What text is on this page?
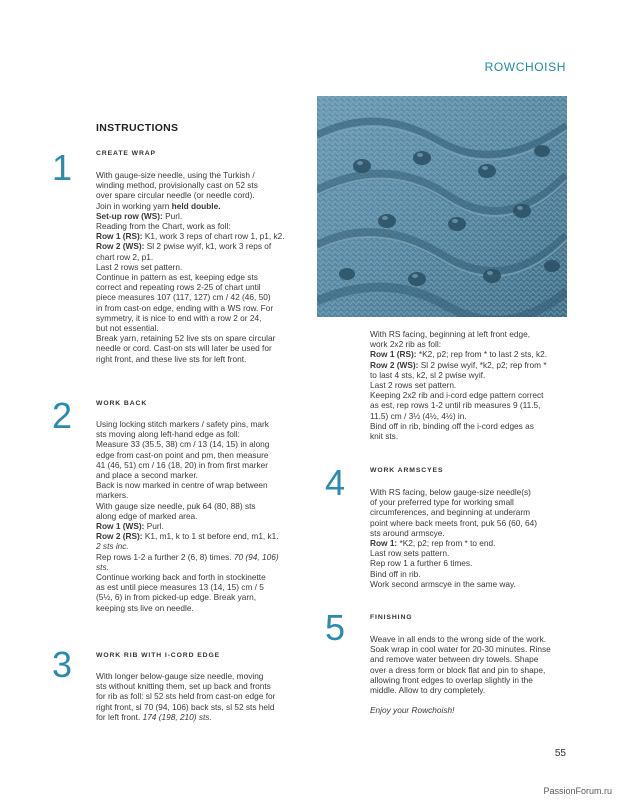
ROWCHOISH
INSTRUCTIONS
1	CREATE WRAP
With gauge-size needle, using the Turkish /
winding method, provisionally cast on 52 sts
over spare circular needle (or needle cord).
Join in working yarn held double.
Set-up row (WS): Purl.
Reading from the Chart, work as foll:
Row 1 (RS): K1, work 3 reps of chart row 1, p1, k2.
Row 2 (WS): Sl 2 pwise wyif, k1, work 3 reps of
chart row 2, p1.
Last 2 rows set pattern.
Continue in pattern as est, keeping edge sts
correct and repeating rows 2-25 of chart until
piece measures 107 (117, 127) cm / 42 (46, 50)
in from cast-on edge, ending with a WS row. For
symmetry, it is nice to end with a row 2 or 24,
but not essential.
Break yarn, retaining 52 live sts on spare circular
needle or cord. Cast-on sts will later be used for
right front, and these live sts for left front.
2	WORK BACK
Using locking stitch markers / safety pins, mark
sts moving along left-hand edge as foll:
Measure 33 (35.5, 38) cm / 13 (14, 15) in along
edge from cast-on point and pm, then measure
41 (46, 51) cm / 16 (18, 20) in from first marker
and place a second marker.
Back is now marked in centre of wrap between
markers.
With gauge size needle, puk 64 (80, 88) sts
along edge of marked area.
Row 1 (WS): Purl.
Row 2 (RS): K1, m1, k to 1 st before end, m1, k1.
2 sts inc.
Rep rows 1-2 a further 2 (6, 8) times. 70 (94, 106)
sts.
Continue working back and forth in stockinette
as est until piece measures 13 (14, 15) cm / 5
(5½, 6) in from picked-up edge. Break yarn,
keeping sts live on needle.
3	WORK RIB WITH I-CORD EDGE
With longer below-gauge size needle, moving
sts without knitting them, set up back and fronts
for rib as foll: sl 52 sts held from cast-on edge for
right front, sl 70 (94, 106) back sts, sl 52 sts held
for left front. 174 (198, 210) sts.
With RS facing, beginning at left front edge,
work 2x2 rib as foll:
Row 1 (RS): *K2, p2; rep from * to last 2 sts, k2.
Row 2 (WS): Sl 2 pwise wyif, *k2, p2; rep from *
to last 4 sts, k2, sl 2 pwise wyif.
Last 2 rows set pattern.
Keeping 2x2 rib and i-cord edge pattern correct
as est, rep rows 1-2 until rib measures 9 (11.5,
11.5) cm / 3½ (4½, 4½) in.
Bind off in rib, binding off the i-cord edges as
knit sts.
4	WORK ARMSCYES
With RS facing, below gauge-size needle(s)
of your preferred type for working small
circumferences, and beginning at underarm
point where back meets front, puk 56 (60, 64)
sts around armscye.
Row 1: *K2, p2; rep from * to end.
Last row sets pattern.
Rep row 1 a further 6 times.
Bind off in rib.
Work second armscye in the same way.
5	FINISHING
Weave in all ends to the wrong side of the work.
Soak wrap in cool water for 20-30 minutes. Rinse
and remove water between dry towels. Shape
over a dress form or block flat and pin to shape,
allowing front edges to overlap slightly in the
middle. Allow to dry completely.
Enjoy your Rowchoish!
55
PassionForum.ru
